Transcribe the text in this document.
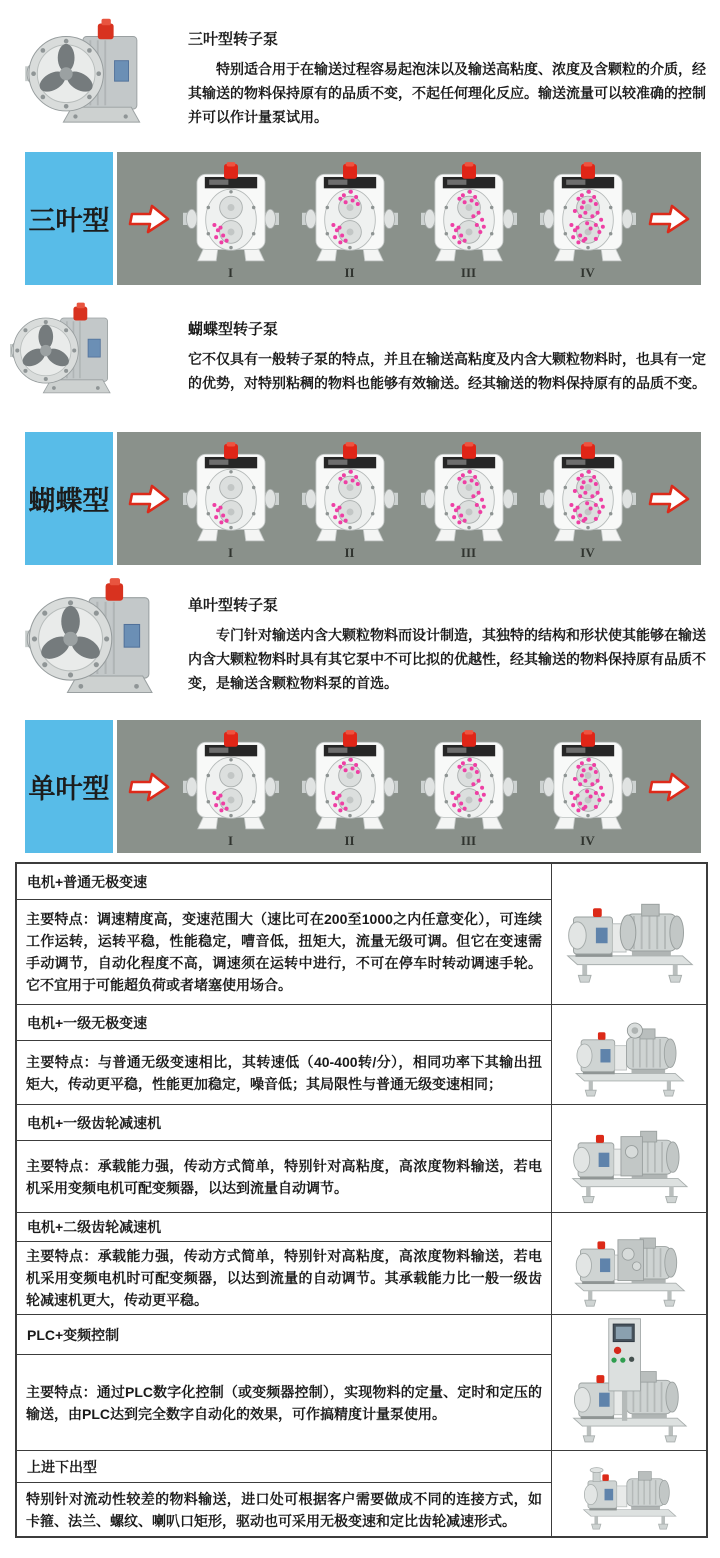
三叶型转子泵

特别适合用于在输送过程容易起泡沫以及输送高粘度、浓度及含颗粒的介质，经其输送的物料保持原有的品质不变，不起任何理化反应。输送流量可以较准确的控制并可以作计量泵试用。

三叶型
I	II	III	IV
蝴蝶型转子泵

它不仅具有一般转子泵的特点，并且在输送高粘度及内含大颗粒物料时，也具有一定的优势，对特别粘稠的物料也能够有效输送。经其输送的物料保持原有的品质不变。

蝴蝶型
I	II	III	IV
单叶型转子泵

专门针对输送内含大颗粒物料而设计制造，其独特的结构和形状使其能够在输送内含大颗粒物料时具有其它泵中不可比拟的优越性，经其输送的物料保持原有品质不变，是输送含颗粒物料泵的首选。

单叶型
I	II	III	IV
电机+普通无极变速
主要特点：调速精度高，变速范围大（速比可在200至1000之内任意变化），可连续工作运转，运转平稳，性能稳定，嘈音低，扭矩大，流量无级可调。但它在变速需手动调节，自动化程度不高，调速须在运转中进行，不可在停车时转动调速手轮。它不宜用于可能超负荷或者堵塞使用场合。
电机+一级无极变速
主要特点：与普通无级变速相比，其转速低（40-400转/分），相同功率下其输出扭矩大，传动更平稳，性能更加稳定，噪音低；其局限性与普通无级变速相同；
电机+一级齿轮减速机
主要特点：承载能力强，传动方式简单，特别针对高粘度，高浓度物料输送，若电机采用变频电机可配变频器，以达到流量自动调节。
电机+二级齿轮减速机
主要特点：承载能力强，传动方式简单，特别针对高粘度，高浓度物料输送，若电机采用变频电机时可配变频器，以达到流量的自动调节。其承载能力比一般一级齿轮减速机更大，传动更平稳。
PLC+变频控制
主要特点：通过PLC数字化控制（或变频器控制），实现物料的定量、定时和定压的输送，由PLC达到完全数字自动化的效果，可作搞精度计量泵使用。
上进下出型
特别针对流动性较差的物料输送，进口处可根据客户需要做成不同的连接方式，如卡箍、法兰、螺纹、喇叭口矩形，驱动也可采用无极变速和定比齿轮减速形式。
